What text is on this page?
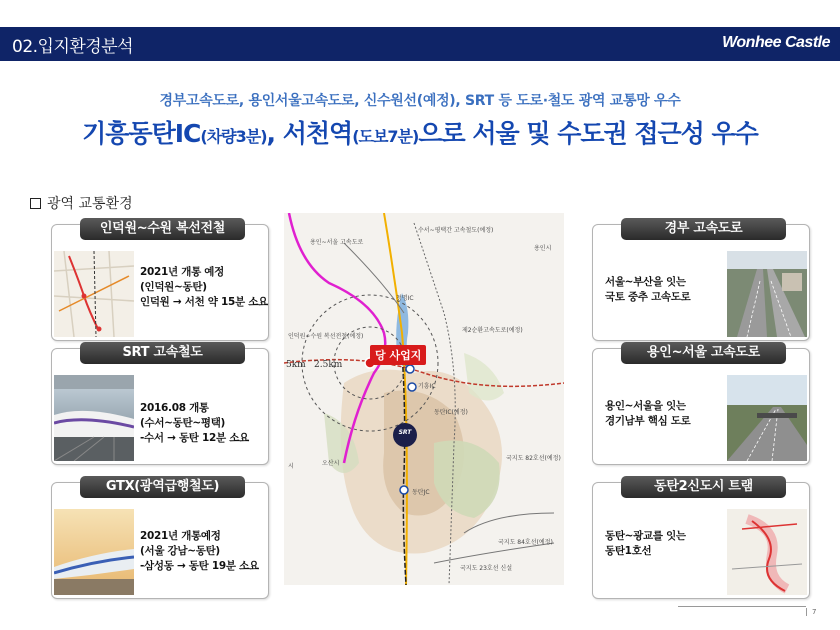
02.입지환경분석	Wonhee Castle
경부고속도로, 용인서울고속도로, 신수원선(예정), SRT 등 도로·철도 광역 교통망 우수
기흥동탄IC(차량3분), 서천역(도보7분)으로 서울 및 수도권 접근성 우수
광역 교통환경
인덕원~수원 복선전철
2021년 개통 예정
(인덕원~동탄)
인덕원 → 서천 약 15분 소요
SRT 고속철도
2016.08 개통
(수서~동탄~평택)
-수서 → 동탄 12분 소요
GTX(광역급행철도)
2021년 개통예정
(서울 강남~동탄)
-삼성동 → 동탄 19분 소요
경부 고속도로
서울~부산을 잇는
국토 중추 고속도로
용인~서울 고속도로
용인~서울을 잇는
경기남부 핵심 도로
동탄2신도시 트램
동탄~광교를 잇는
동탄1호선
당 사업지
SRT
5km 2.5km
용인~서울 고속도로
수서~평택간 고속철도(예정)
용인시
청명IC
인덕원~수원 복선전철(예정)
제2순환고속도로(예정)
기흥IC
동탄IC(예정)
국지도 82호선(예정)
동탄JC
국지도 84호선(예정)
국지도 23호선 신설
오산시
시
7
